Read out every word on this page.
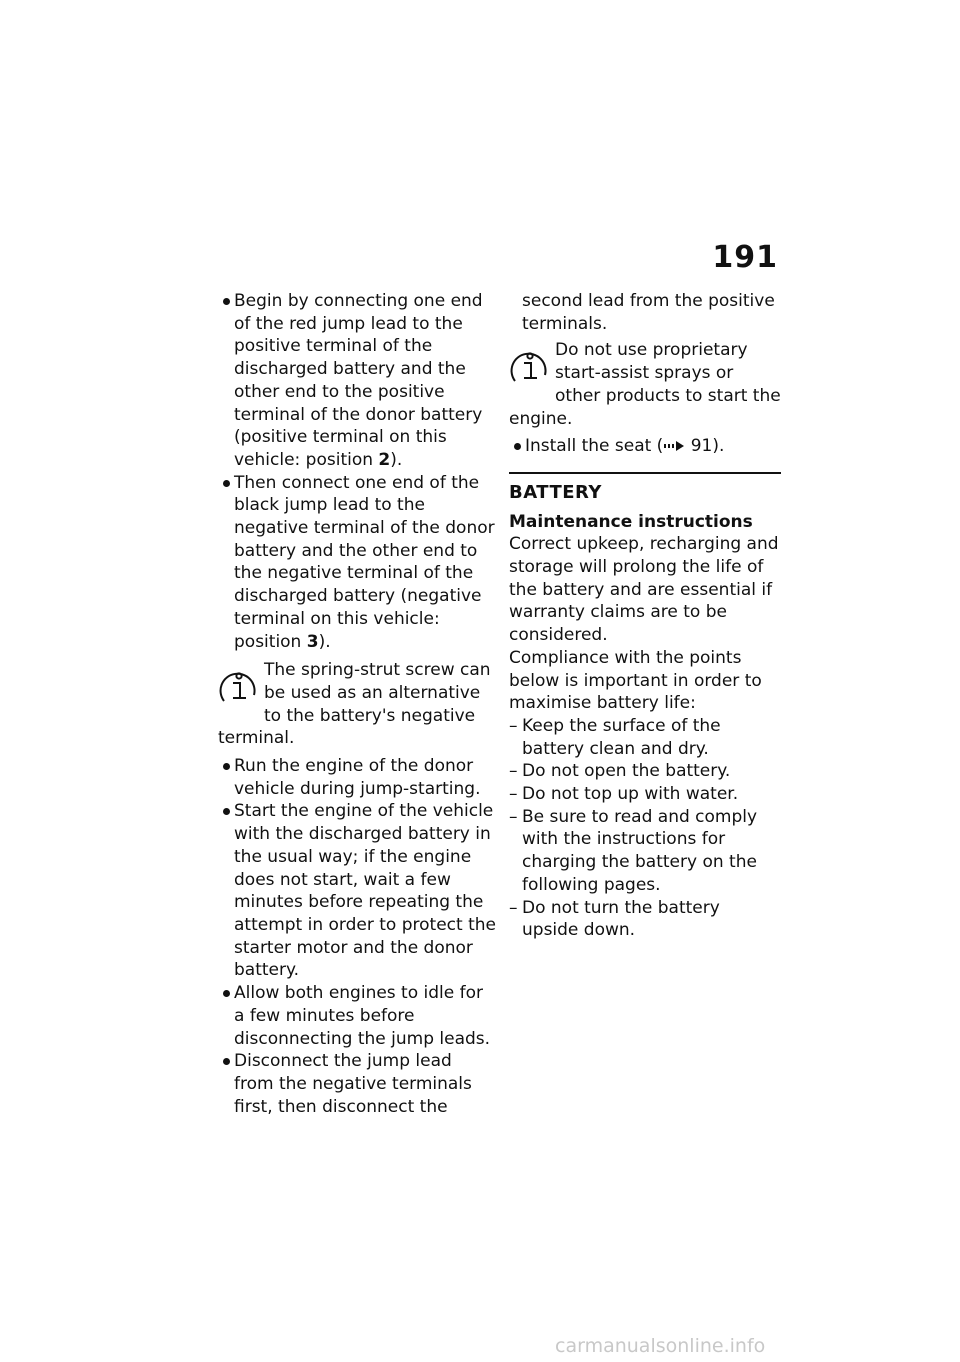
191
Begin by connecting one end of the red jump lead to the positive terminal of the discharged battery and the other end to the positive terminal of the donor battery (positive terminal on this vehicle: position 2).
Then connect one end of the black jump lead to the negative terminal of the donor battery and the other end to the negative terminal of the discharged battery (negative terminal on this vehicle: position 3).

The spring-strut screw can be used as an alternative to the battery's negative terminal.

Run the engine of the donor vehicle during jump-starting.
Start the engine of the vehicle with the discharged battery in the usual way; if the engine does not start, wait a few minutes before repeating the attempt in order to protect the starter motor and the donor battery.
Allow both engines to idle for a few minutes before disconnecting the jump leads.
Disconnect the jump lead from the negative terminals first, then disconnect the

second lead from the positive terminals.

Do not use proprietary start-assist sprays or other products to start the engine.

Install the seat ( 91).
BATTERY

Maintenance instructions

Correct upkeep, recharging and storage will prolong the life of the battery and are essential if warranty claims are to be considered.

Compliance with the points below is important in order to maximise battery life:

– Keep the surface of the battery clean and dry.
– Do not open the battery.
– Do not top up with water.
– Be sure to read and comply with the instructions for charging the battery on the following pages.
– Do not turn the battery upside down.
carmanualsonline.info
